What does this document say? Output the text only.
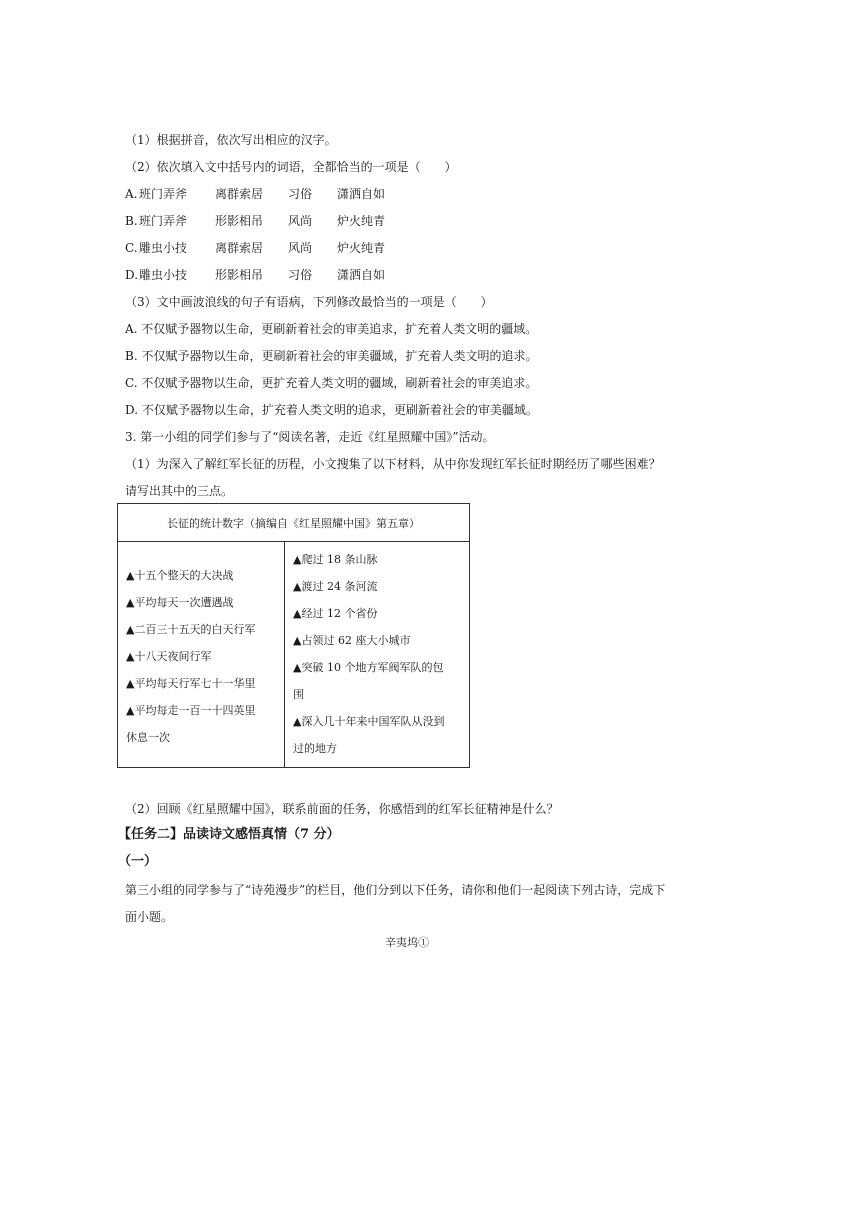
（1）根据拼音，依次写出相应的汉字。
（2）依次填入文中括号内的词语，全都恰当的一项是（　　）
A. 班门弄斧 离群索居 习俗 潇洒自如
B. 班门弄斧 形影相吊 风尚 炉火纯青
C. 雕虫小技 离群索居 风尚 炉火纯青
D. 雕虫小技 形影相吊 习俗 潇洒自如
（3）文中画波浪线的句子有语病，下列修改最恰当的一项是（　　）
A. 不仅赋予器物以生命，更刷新着社会的审美追求，扩充着人类文明的疆域。
B. 不仅赋予器物以生命，更刷新着社会的审美疆域，扩充着人类文明的追求。
C. 不仅赋予器物以生命，更扩充着人类文明的疆域，刷新着社会的审美追求。
D. 不仅赋予器物以生命，扩充着人类文明的追求，更刷新着社会的审美疆域。
3. 第一小组的同学们参与了“阅读名著，走近《红星照耀中国》”活动。
（1）为深入了解红军长征的历程，小文搜集了以下材料，从中你发现红军长征时期经历了哪些困难？
请写出其中的三点。
长征的统计数字（摘编自《红星照耀中国》第五章）

▲十五个整天的大决战
▲平均每天一次遭遇战
▲二百三十五天的白天行军
▲十八天夜间行军
▲平均每天行军七十一华里
▲平均每走一百一十四英里
休息一次

▲爬过 18 条山脉
▲渡过 24 条河流
▲经过 12 个省份
▲占领过 62 座大小城市
▲突破 10 个地方军阀军队的包
围
▲深入几十年来中国军队从没到
过的地方
（2）回顾《红星照耀中国》，联系前面的任务，你感悟到的红军长征精神是什么？
【任务二】品读诗文感悟真情（7 分）
（一）
第三小组的同学参与了“诗苑漫步”的栏目，他们分到以下任务，请你和他们一起阅读下列古诗，完成下
面小题。
辛夷坞①
